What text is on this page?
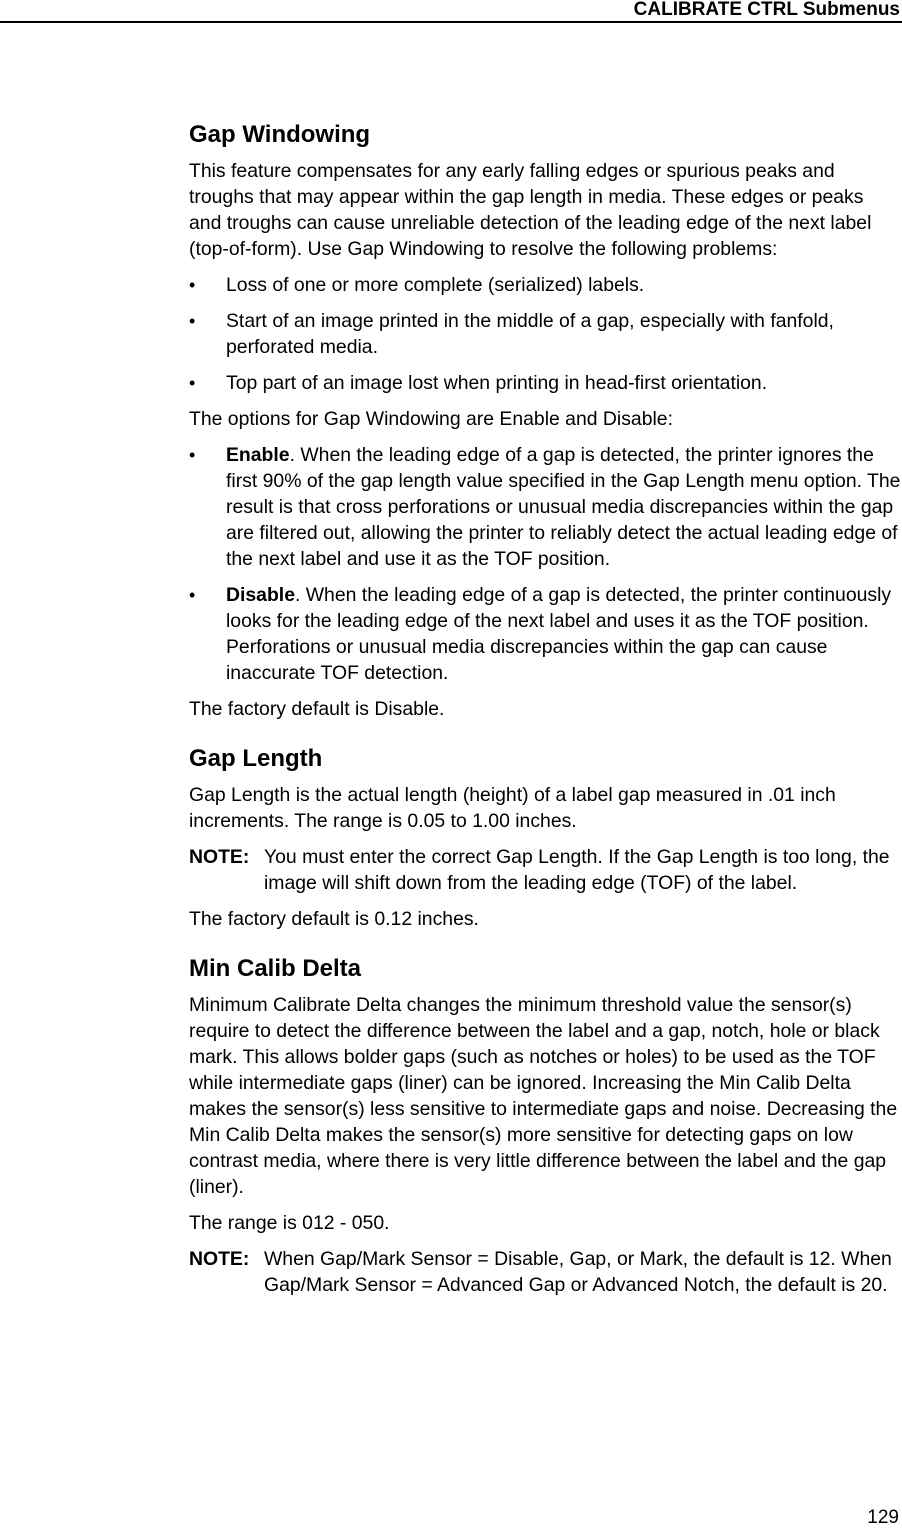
CALIBRATE CTRL Submenus
Gap Windowing

This feature compensates for any early falling edges or spurious peaks and troughs that may appear within the gap length in media. These edges or peaks and troughs can cause unreliable detection of the leading edge of the next label (top-of-form). Use Gap Windowing to resolve the following problems:

• Loss of one or more complete (serialized) labels.
• Start of an image printed in the middle of a gap, especially with fanfold, perforated media.
• Top part of an image lost when printing in head-first orientation.

The options for Gap Windowing are Enable and Disable:

• Enable. When the leading edge of a gap is detected, the printer ignores the first 90% of the gap length value specified in the Gap Length menu option. The result is that cross perforations or unusual media discrepancies within the gap are filtered out, allowing the printer to reliably detect the actual leading edge of the next label and use it as the TOF position.
• Disable. When the leading edge of a gap is detected, the printer continuously looks for the leading edge of the next label and uses it as the TOF position. Perforations or unusual media discrepancies within the gap can cause inaccurate TOF detection.

The factory default is Disable.

Gap Length

Gap Length is the actual length (height) of a label gap measured in .01 inch increments. The range is 0.05 to 1.00 inches.

NOTE: You must enter the correct Gap Length. If the Gap Length is too long, the image will shift down from the leading edge (TOF) of the label.

The factory default is 0.12 inches.

Min Calib Delta

Minimum Calibrate Delta changes the minimum threshold value the sensor(s) require to detect the difference between the label and a gap, notch, hole or black mark. This allows bolder gaps (such as notches or holes) to be used as the TOF while intermediate gaps (liner) can be ignored. Increasing the Min Calib Delta makes the sensor(s) less sensitive to intermediate gaps and noise. Decreasing the Min Calib Delta makes the sensor(s) more sensitive for detecting gaps on low contrast media, where there is very little difference between the label and the gap (liner).

The range is 012 - 050.

NOTE: When Gap/Mark Sensor = Disable, Gap, or Mark, the default is 12. When Gap/Mark Sensor = Advanced Gap or Advanced Notch, the default is 20.
129
